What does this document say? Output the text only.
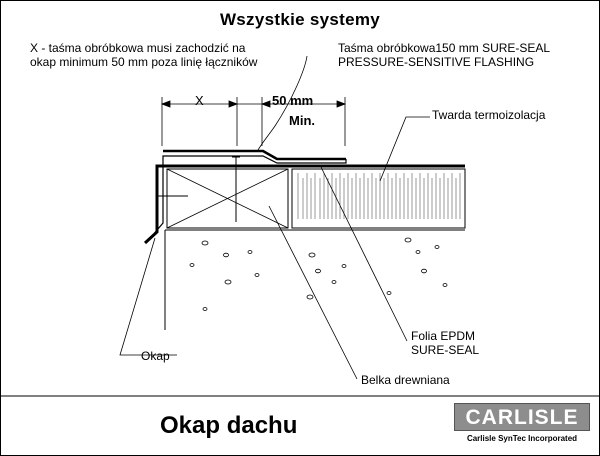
Wszystkie systemy
X - taśma obróbkowa musi zachodzić na
okap minimum 50 mm poza linię łączników
Taśma obróbkowa150 mm SURE-SEAL
PRESSURE-SENSITIVE FLASHING
X	50 mm
Min.	Twarda termoizolacja
Folia EPDM
SURE-SEAL
Okap
Belka drewniana
Okap dachu	CARLISLE
Carlisle SynTec Incorporated
